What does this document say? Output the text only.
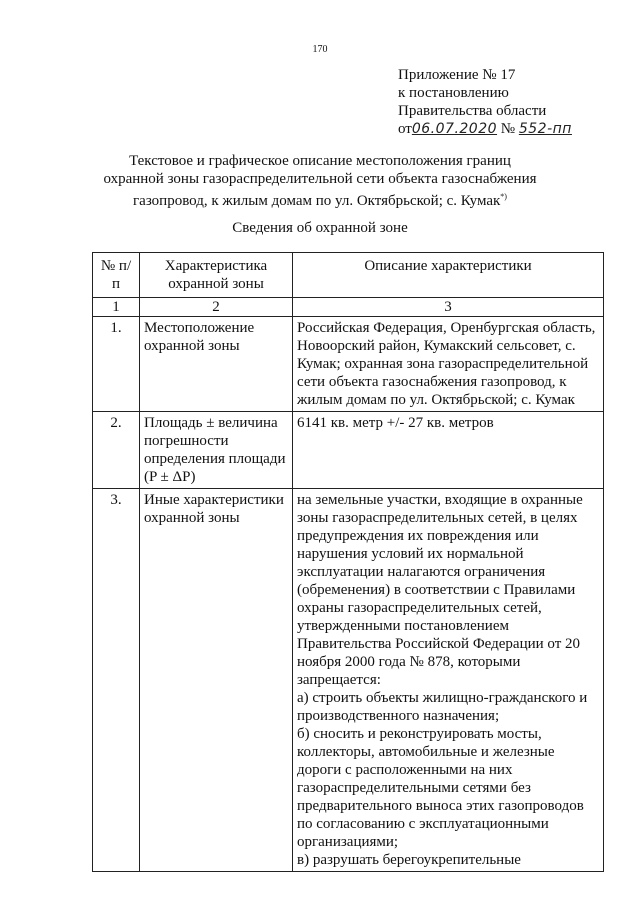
170
Приложение № 17
к постановлению
Правительства области
от06.07.2020 № 552-пп
Текстовое и графическое описание местоположения границ
охранной зоны газораспределительной сети объекта газоснабжения
газопровод, к жилым домам по ул. Октябрьской; с. Кумак*)
Сведения об охранной зоне
№ п/п	Характеристика охранной зоны	Описание характеристики
1	2	3
1.	Местоположение охранной зоны	Российская Федерация, Оренбургская область, Новоорский район, Кумакский сельсовет, с. Кумак; охранная зона газораспределительной сети объекта газоснабжения газопровод, к жилым домам по ул. Октябрьской; с. Кумак
2.	Площадь ± величина погрешности определения площади (P ± ΔP)	6141 кв. метр +/- 27 кв. метров
3.	Иные характеристики охранной зоны	на земельные участки, входящие в охранные зоны газораспределительных сетей, в целях предупреждения их повреждения или нарушения условий их нормальной эксплуатации налагаются ограничения (обременения) в соответствии с Правилами охраны газораспределительных сетей, утвержденными постановлением Правительства Российской Федерации от 20 ноября 2000 года № 878, которыми запрещается:
а) строить объекты жилищно-гражданского и производственного назначения;
б) сносить и реконструировать мосты, коллекторы, автомобильные и железные дороги с расположенными на них газораспределительными сетями без предварительного выноса этих газопроводов по согласованию с эксплуатационными организациями;
в) разрушать берегоукрепительные
